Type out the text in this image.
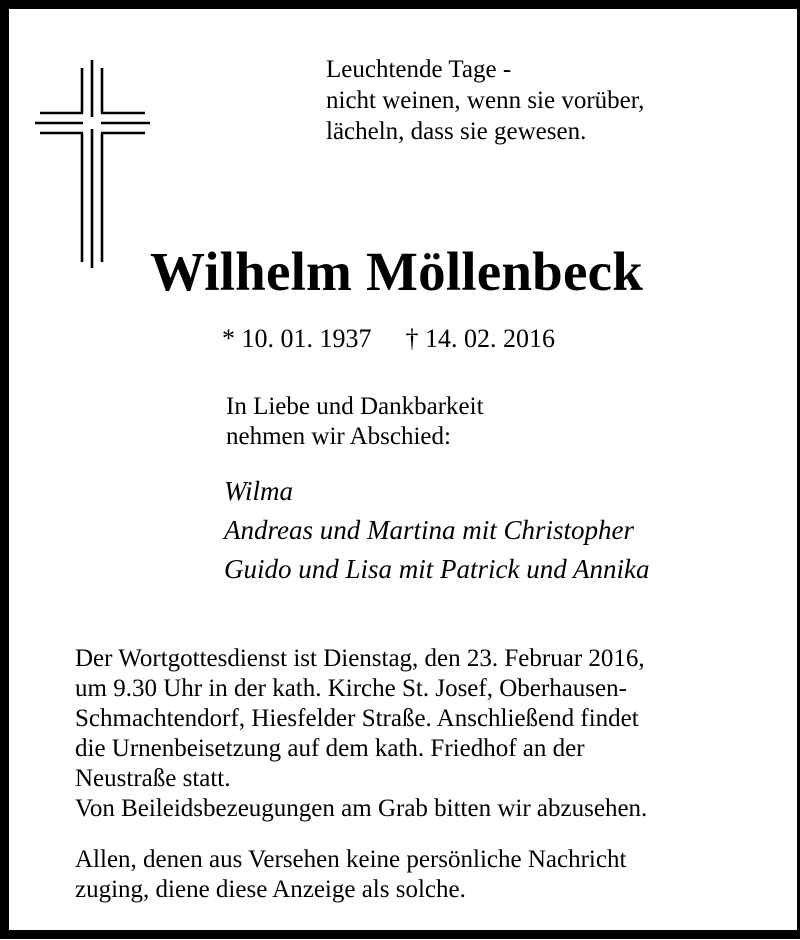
Leuchtende Tage -
nicht weinen, wenn sie vorüber,
lächeln, dass sie gewesen.
Wilhelm Möllenbeck
* 10. 01. 1937 † 14. 02. 2016
In Liebe und Dankbarkeit
nehmen wir Abschied:
Wilma
Andreas und Martina mit Christopher
Guido und Lisa mit Patrick und Annika
Der Wortgottesdienst ist Dienstag, den 23. Februar 2016,
um 9.30 Uhr in der kath. Kirche St. Josef, Oberhausen-
Schmachtendorf, Hiesfelder Straße. Anschließend findet
die Urnenbeisetzung auf dem kath. Friedhof an der
Neustraße statt.
Von Beileidsbezeugungen am Grab bitten wir abzusehen.
Allen, denen aus Versehen keine persönliche Nachricht
zuging, diene diese Anzeige als solche.
